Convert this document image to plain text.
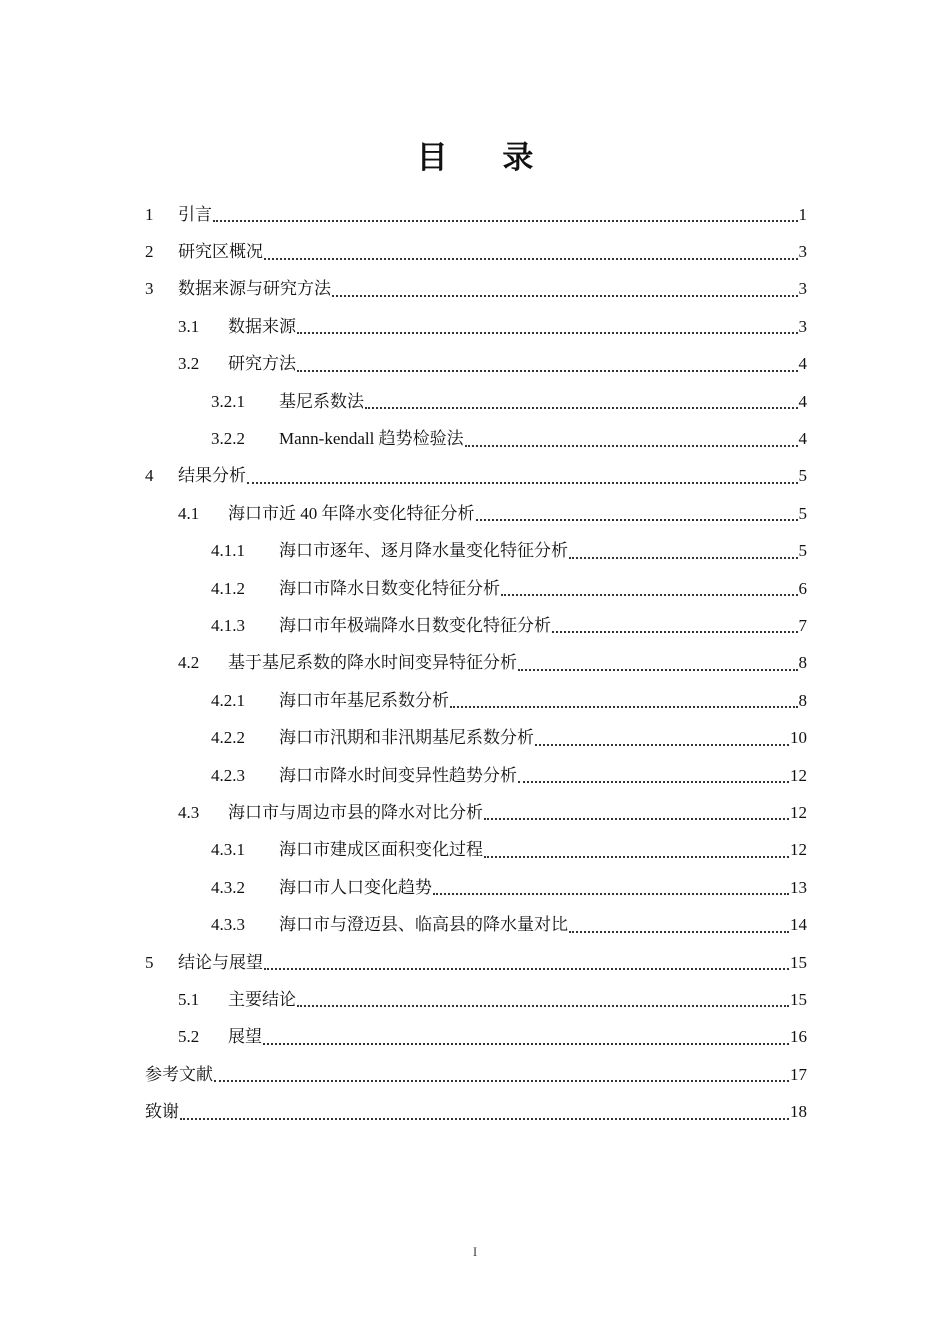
目 录
1	引言	1
2	研究区概况	3
3	数据来源与研究方法	3
3.1	数据来源	3
3.2	研究方法	4
3.2.1	基尼系数法	4
3.2.2	Mann-kendall 趋势检验法	4
4	结果分析	5
4.1	海口市近 40 年降水变化特征分析	5
4.1.1	海口市逐年、逐月降水量变化特征分析	5
4.1.2	海口市降水日数变化特征分析	6
4.1.3	海口市年极端降水日数变化特征分析	7
4.2	基于基尼系数的降水时间变异特征分析	8
4.2.1	海口市年基尼系数分析	8
4.2.2	海口市汛期和非汛期基尼系数分析	10
4.2.3	海口市降水时间变异性趋势分析	12
4.3	海口市与周边市县的降水对比分析	12
4.3.1	海口市建成区面积变化过程	12
4.3.2	海口市人口变化趋势	13
4.3.3	海口市与澄迈县、临高县的降水量对比	14
5	结论与展望	15
5.1	主要结论	15
5.2	展望	16
参考文献	17
致谢	18
I
